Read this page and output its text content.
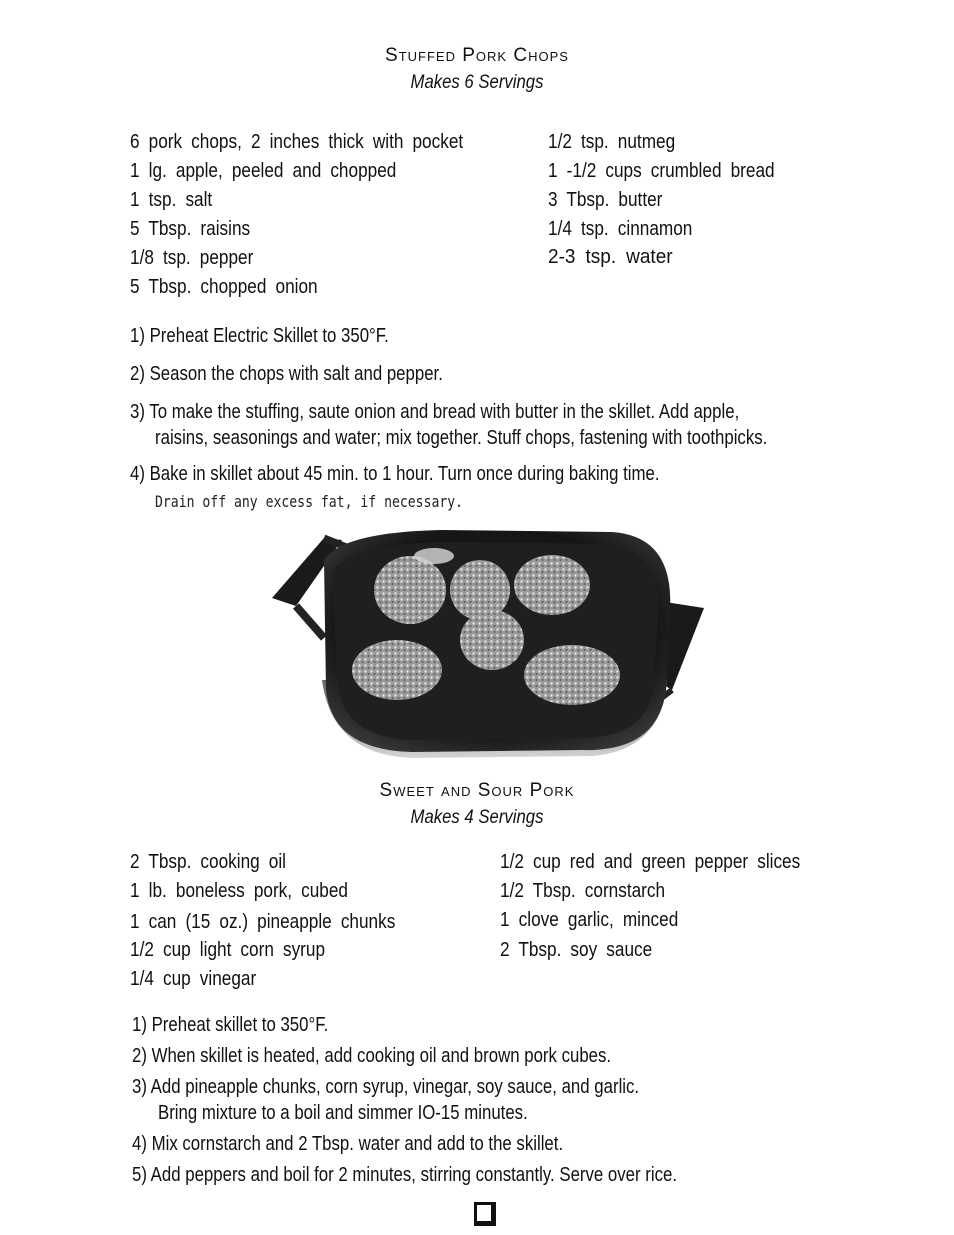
Stuffed Pork Chops
Makes 6 Servings
6 pork chops, 2 inches thick with pocket
1 lg. apple, peeled and chopped
1 tsp. salt
5 Tbsp. raisins
1/8 tsp. pepper
5 Tbsp. chopped onion
1/2 tsp. nutmeg
1 -1/2 cups crumbled bread
3 Tbsp. butter
1/4 tsp. cinnamon
2-3 tsp. water
1) Preheat Electric Skillet to 350°F.
2) Season the chops with salt and pepper.
3) To make the stuffing, saute onion and bread with butter in the skillet. Add apple,
raisins, seasonings and water; mix together. Stuff chops, fastening with toothpicks.
4) Bake in skillet about 45 min. to 1 hour. Turn once during baking time.
Drain off any excess fat, if necessary.
Sweet and Sour Pork
Makes 4 Servings
2 Tbsp. cooking oil
1 lb. boneless pork, cubed
1 can (15 oz.) pineapple chunks
1/2 cup light corn syrup
1/4 cup vinegar
1/2 cup red and green pepper slices
1/2 Tbsp. cornstarch
1 clove garlic, minced
2 Tbsp. soy sauce
1) Preheat skillet to 350°F.
2) When skillet is heated, add cooking oil and brown pork cubes.
3) Add pineapple chunks, corn syrup, vinegar, soy sauce, and garlic.
Bring mixture to a boil and simmer IO-15 minutes.
4) Mix cornstarch and 2 Tbsp. water and add to the skillet.
5) Add peppers and boil for 2 minutes, stirring constantly. Serve over rice.
